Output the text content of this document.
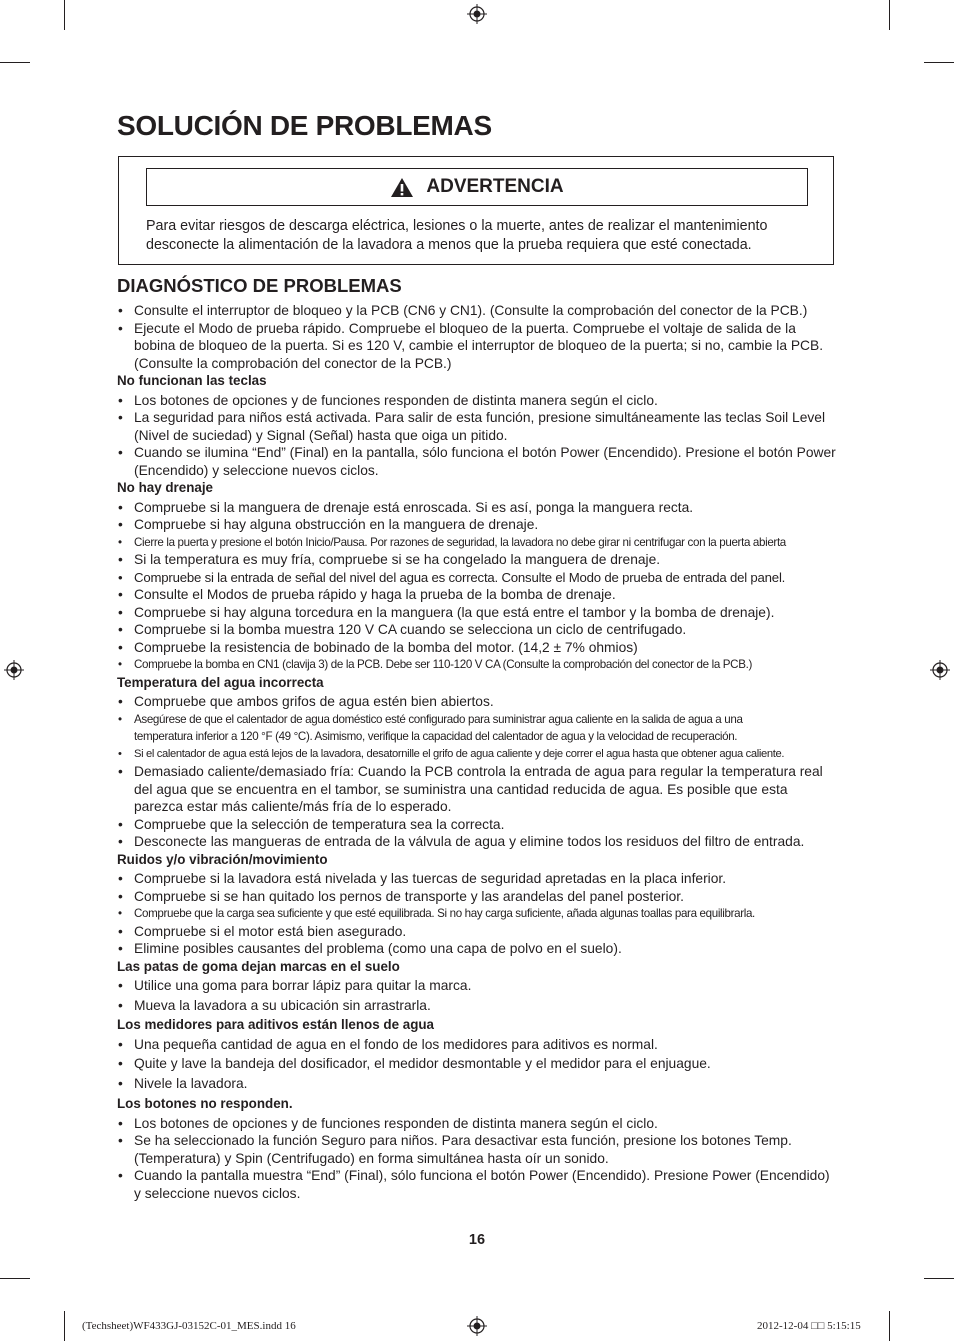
SOLUCIÓN DE PROBLEMAS
ADVERTENCIA

Para evitar riesgos de descarga eléctrica, lesiones o la muerte, antes de realizar el mantenimiento
desconecte la alimentación de la lavadora a menos que la prueba requiera que esté conectada.

DIAGNÓSTICO DE PROBLEMAS
• Consulte el interruptor de bloqueo y la PCB (CN6 y CN1). (Consulte la comprobación del conector de la PCB.)
• Ejecute el Modo de prueba rápido. Compruebe el bloqueo de la puerta. Compruebe el voltaje de salida de la bobina de bloqueo de la puerta. Si es 120 V, cambie el interruptor de bloqueo de la puerta; si no, cambie la PCB. (Consulte la comprobación del conector de la PCB.)
No funcionan las teclas
• Los botones de opciones y de funciones responden de distinta manera según el ciclo.
• La seguridad para niños está activada. Para salir de esta función, presione simultáneamente las teclas Soil Level (Nivel de suciedad) y Signal (Señal) hasta que oiga un pitido.
• Cuando se ilumina “End” (Final) en la pantalla, sólo funciona el botón Power (Encendido). Presione el botón Power (Encendido) y seleccione nuevos ciclos.
No hay drenaje
• Compruebe si la manguera de drenaje está enroscada. Si es así, ponga la manguera recta.
• Compruebe si hay alguna obstrucción en la manguera de drenaje.
• Cierre la puerta y presione el botón Inicio/Pausa. Por razones de seguridad, la lavadora no debe girar ni centrifugar con la puerta abierta
• Si la temperatura es muy fría, compruebe si se ha congelado la manguera de drenaje.
• Compruebe si la entrada de señal del nivel del agua es correcta. Consulte el Modo de prueba de entrada del panel.
• Consulte el Modos de prueba rápido y haga la prueba de la bomba de drenaje.
• Compruebe si hay alguna torcedura en la manguera (la que está entre el tambor y la bomba de drenaje).
• Compruebe si la bomba muestra 120 V CA cuando se selecciona un ciclo de centrifugado.
• Compruebe la resistencia de bobinado de la bomba del motor. (14,2 ± 7% ohmios)
• Compruebe la bomba en CN1 (clavija 3) de la PCB. Debe ser 110-120 V CA (Consulte la comprobación del conector de la PCB.)
Temperatura del agua incorrecta
• Compruebe que ambos grifos de agua estén bien abiertos.
• Asegúrese de que el calentador de agua doméstico esté configurado para suministrar agua caliente en la salida de agua a una
temperatura inferior a 120 °F (49 °C). Asimismo, verifique la capacidad del calentador de agua y la velocidad de recuperación.
• Si el calentador de agua está lejos de la lavadora, desatornille el grifo de agua caliente y deje correr el agua hasta que obtener agua caliente.
• Demasiado caliente/demasiado fría: Cuando la PCB controla la entrada de agua para regular la temperatura real del agua que se encuentra en el tambor, se suministra una cantidad reducida de agua. Es posible que esta parezca estar más caliente/más fría de lo esperado.
• Compruebe que la selección de temperatura sea la correcta.
• Desconecte las mangueras de entrada de la válvula de agua y elimine todos los residuos del filtro de entrada.
Ruidos y/o vibración/movimiento
• Compruebe si la lavadora está nivelada y las tuercas de seguridad apretadas en la placa inferior.
• Compruebe si se han quitado los pernos de transporte y las arandelas del panel posterior.
• Compruebe que la carga sea suficiente y que esté equilibrada. Si no hay carga suficiente, añada algunas toallas para equilibrarla.
• Compruebe si el motor está bien asegurado.
• Elimine posibles causantes del problema (como una capa de polvo en el suelo).
Las patas de goma dejan marcas en el suelo
• Utilice una goma para borrar lápiz para quitar la marca.
• Mueva la lavadora a su ubicación sin arrastrarla.
Los medidores para aditivos están llenos de agua
• Una pequeña cantidad de agua en el fondo de los medidores para aditivos es normal.
• Quite y lave la bandeja del dosificador, el medidor desmontable y el medidor para el enjuague.
• Nivele la lavadora.
Los botones no responden.
• Los botones de opciones y de funciones responden de distinta manera según el ciclo.
• Se ha seleccionado la función Seguro para niños. Para desactivar esta función, presione los botones Temp. (Temperatura) y Spin (Centrifugado) en forma simultánea hasta oír un sonido.
• Cuando la pantalla muestra “End” (Final), sólo funciona el botón Power (Encendido). Presione Power (Encendido) y seleccione nuevos ciclos.
16
(Techsheet)WF433GJ-03152C-01_MES.indd 16	2012-12-04 □□ 5:15:15
